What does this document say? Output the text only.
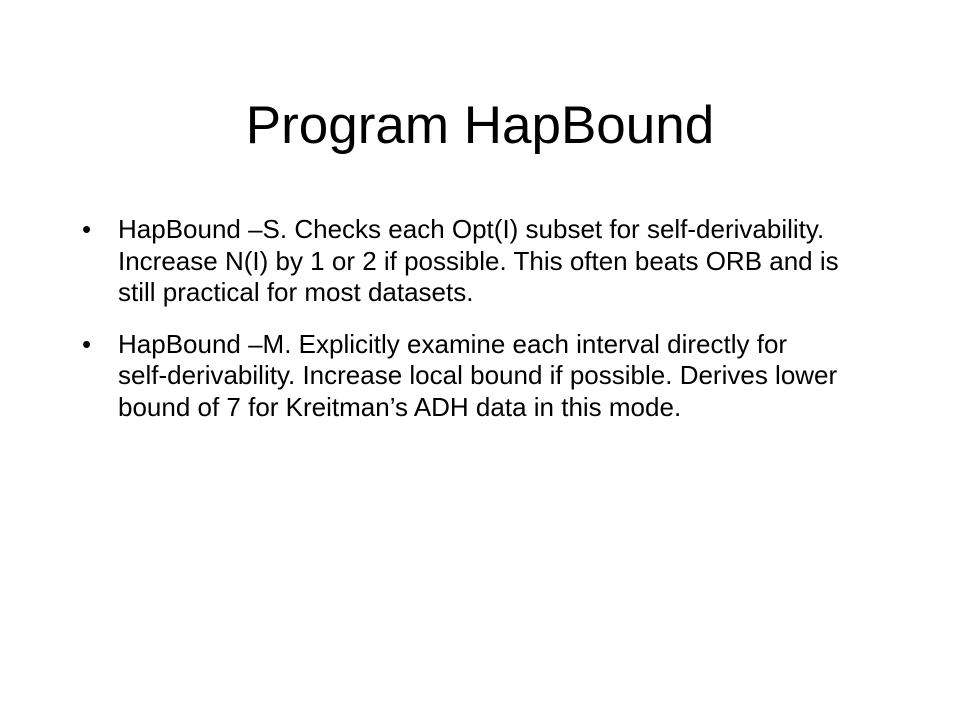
Program HapBound
•	HapBound –S. Checks each Opt(I) subset for self-derivability. Increase N(I) by 1 or 2 if possible. This often beats ORB and is still practical for most datasets.
•	HapBound –M. Explicitly examine each interval directly for self-derivability. Increase local bound if possible. Derives lower bound of 7 for Kreitman’s ADH data in this mode.
